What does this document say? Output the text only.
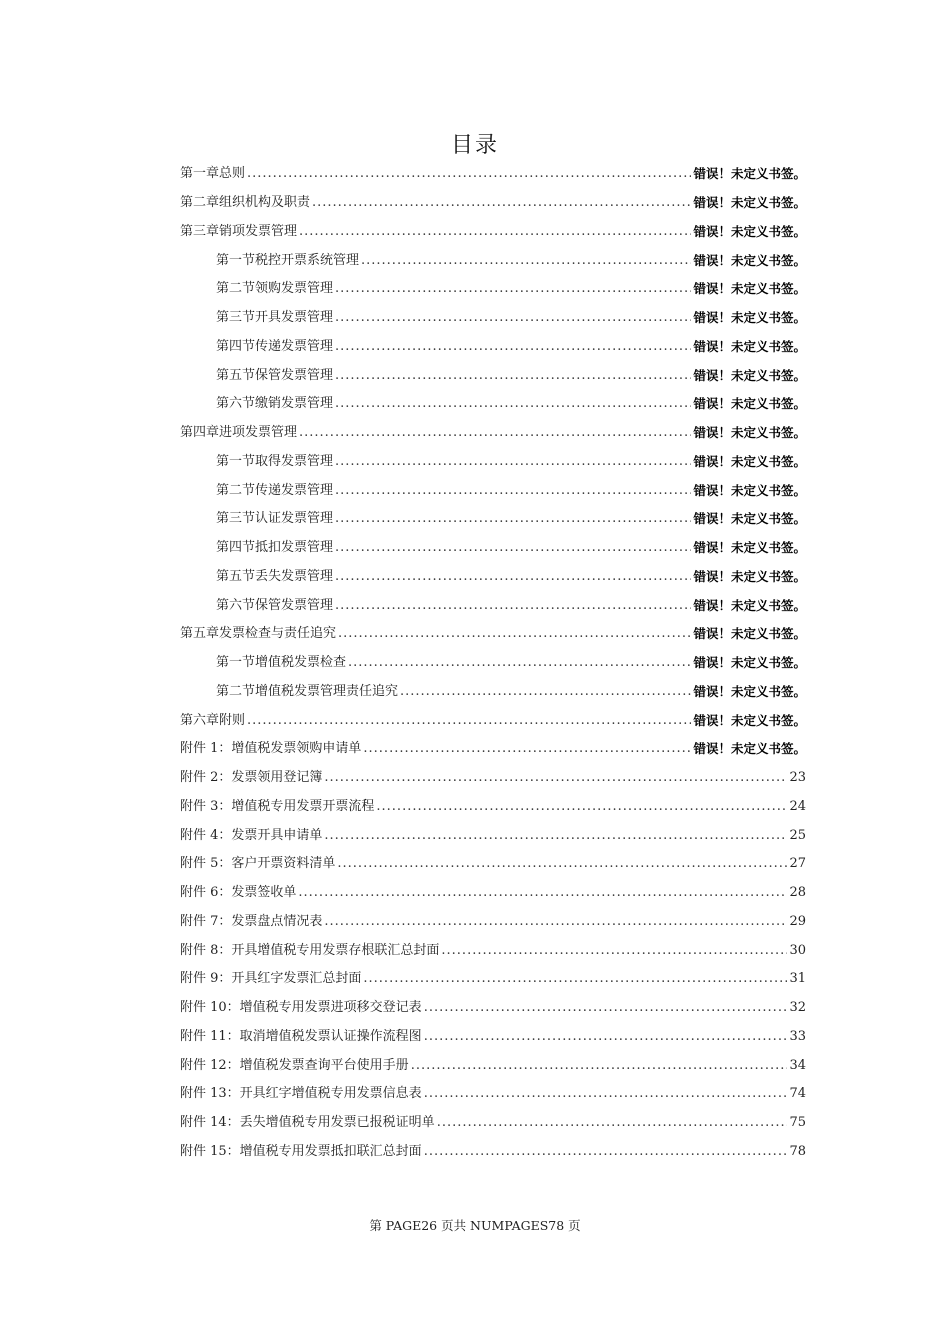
目录
第一章总则 .....	错误！未定义书签。
第二章组织机构及职责 .....	错误！未定义书签。
第三章销项发票管理 .....	错误！未定义书签。
第一节税控开票系统管理 .....	错误！未定义书签。
第二节领购发票管理 .....	错误！未定义书签。
第三节开具发票管理 .....	错误！未定义书签。
第四节传递发票管理 .....	错误！未定义书签。
第五节保管发票管理 .....	错误！未定义书签。
第六节缴销发票管理 .....	错误！未定义书签。
第四章进项发票管理 .....	错误！未定义书签。
第一节取得发票管理 .....	错误！未定义书签。
第二节传递发票管理 .....	错误！未定义书签。
第三节认证发票管理 .....	错误！未定义书签。
第四节抵扣发票管理 .....	错误！未定义书签。
第五节丢失发票管理 .....	错误！未定义书签。
第六节保管发票管理 .....	错误！未定义书签。
第五章发票检查与责任追究 .....	错误！未定义书签。
第一节增值税发票检查 .....	错误！未定义书签。
第二节增值税发票管理责任追究 .....	错误！未定义书签。
第六章附则 .....	错误！未定义书签。
附件 1：增值税发票领购申请单 .....	错误！未定义书签。
附件 2：发票领用登记簿 .....	23
附件 3：增值税专用发票开票流程 .....	24
附件 4：发票开具申请单 .....	25
附件 5：客户开票资料清单 .....	27
附件 6：发票签收单 .....	28
附件 7：发票盘点情况表 .....	29
附件 8：开具增值税专用发票存根联汇总封面 .....	30
附件 9：开具红字发票汇总封面 .....	31
附件 10：增值税专用发票进项移交登记表 .....	32
附件 11：取消增值税发票认证操作流程图 .....	33
附件 12：增值税发票查询平台使用手册 .....	34
附件 13：开具红字增值税专用发票信息表 .....	74
附件 14：丢失增值税专用发票已报税证明单 .....	75
附件 15：增值税专用发票抵扣联汇总封面 .....	78
第 PAGE26 页共 NUMPAGES78 页
